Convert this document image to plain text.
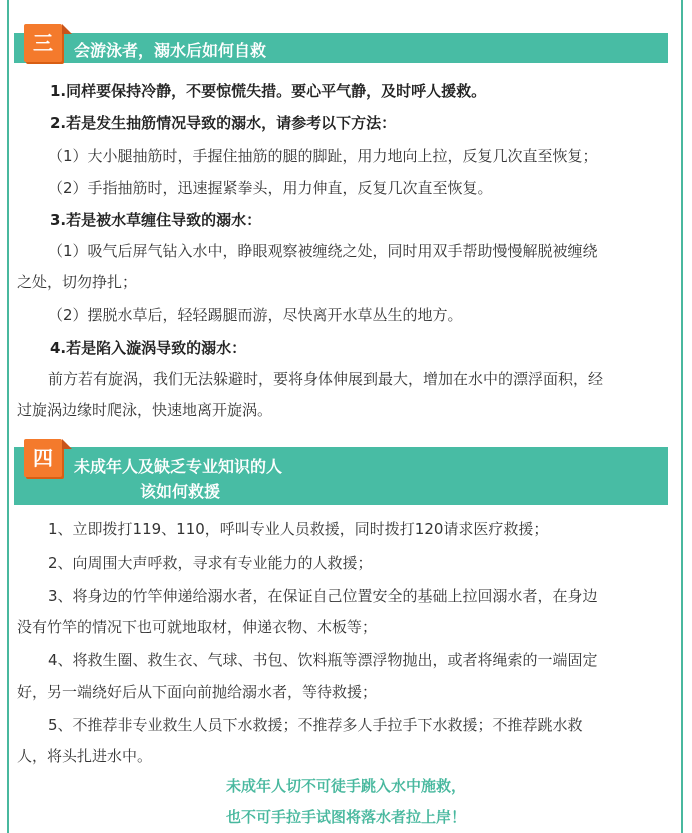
会游泳者，溺水后如何自救
三
1.同样要保持冷静，不要惊慌失措。要心平气静，及时呼人援救。
2.若是发生抽筋情况导致的溺水，请参考以下方法：
（1）大小腿抽筋时，手握住抽筋的腿的脚趾，用力地向上拉，反复几次直至恢复；
（2）手指抽筋时，迅速握紧拳头，用力伸直，反复几次直至恢复。
3.若是被水草缠住导致的溺水：
（1）吸气后屏气钻入水中，睁眼观察被缠绕之处，同时用双手帮助慢慢解脱被缠绕
之处，切勿挣扎；
（2）摆脱水草后，轻轻踢腿而游，尽快离开水草丛生的地方。
4.若是陷入漩涡导致的溺水：
前方若有旋涡，我们无法躲避时，要将身体伸展到最大，增加在水中的漂浮面积，经
过旋涡边缘时爬泳，快速地离开旋涡。
未成年人及缺乏专业知识的人
该如何救援
四
1、立即拨打119、110，呼叫专业人员救援，同时拨打120请求医疗救援；
2、向周围大声呼救，寻求有专业能力的人救援；
3、将身边的竹竿伸递给溺水者，在保证自己位置安全的基础上拉回溺水者，在身边
没有竹竿的情况下也可就地取材，伸递衣物、木板等；
4、将救生圈、救生衣、气球、书包、饮料瓶等漂浮物抛出，或者将绳索的一端固定
好，另一端绕好后从下面向前抛给溺水者，等待救援；
5、不推荐非专业救生人员下水救援；不推荐多人手拉手下水救援；不推荐跳水救
人，将头扎进水中。
未成年人切不可徒手跳入水中施救，
也不可手拉手试图将落水者拉上岸！
